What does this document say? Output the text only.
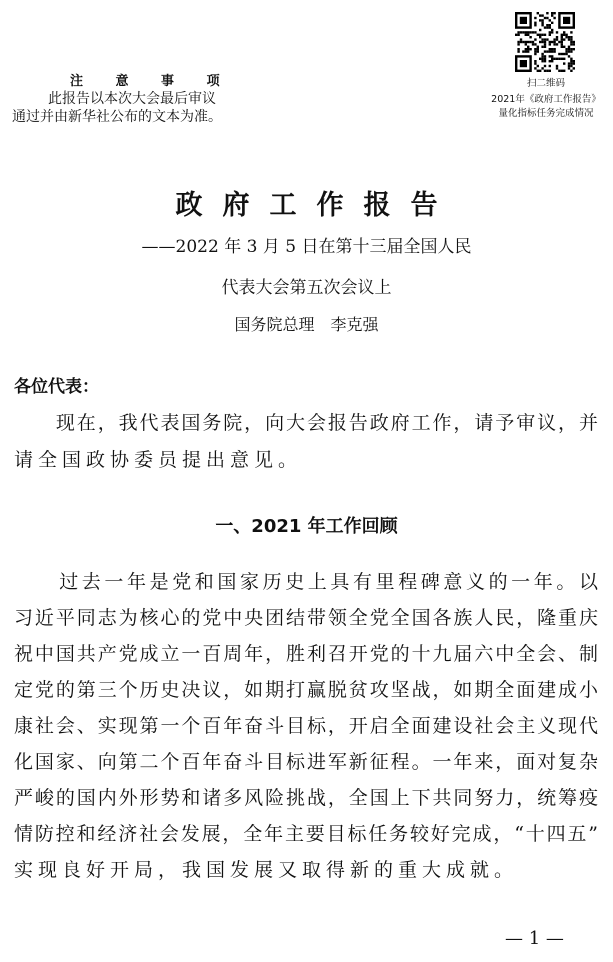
注 意 事 项
此报告以本次大会最后审议
通过并由新华社公布的文本为准。
扫二维码
2021年《政府工作报告》
量化指标任务完成情况
政府工作报告
——2022 年 3 月 5 日在第十三届全国人民
代表大会第五次会议上
国务院总理　李克强
各位代表：
　　现在，我代表国务院，向大会报告政府工作，请予审议，并
请全国政协委员提出意见。
一、2021 年工作回顾
　　过去一年是党和国家历史上具有里程碑意义的一年。以
习近平同志为核心的党中央团结带领全党全国各族人民，隆重庆
祝中国共产党成立一百周年，胜利召开党的十九届六中全会、制
定党的第三个历史决议，如期打赢脱贫攻坚战，如期全面建成小
康社会、实现第一个百年奋斗目标，开启全面建设社会主义现代
化国家、向第二个百年奋斗目标进军新征程。一年来，面对复杂
严峻的国内外形势和诸多风险挑战，全国上下共同努力，统筹疫
情防控和经济社会发展，全年主要目标任务较好完成，“十四五”
实现良好开局，我国发展又取得新的重大成就。
— 1 —
